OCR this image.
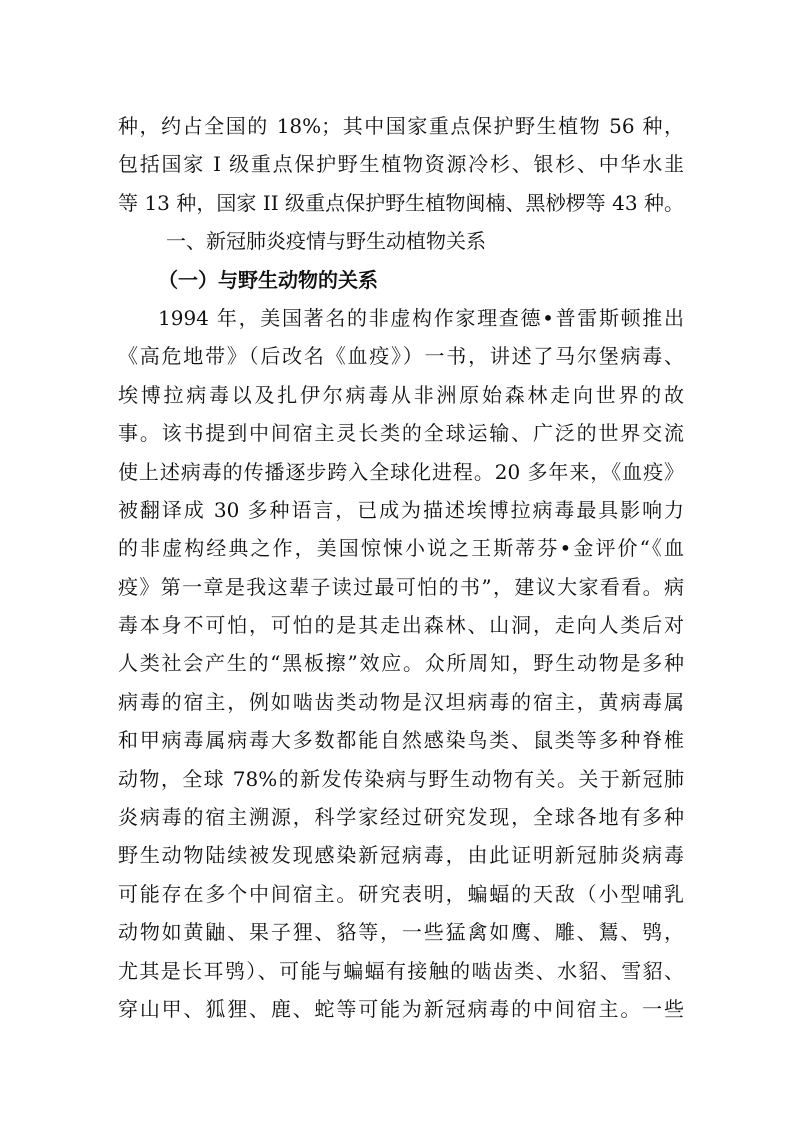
种，约占全国的 18%；其中国家重点保护野生植物 56 种，
包括国家 I 级重点保护野生植物资源冷杉、银杉、中华水韭
等 13 种，国家 II 级重点保护野生植物闽楠、黑桫椤等 43 种。
一、新冠肺炎疫情与野生动植物关系
（一）与野生动物的关系
1994 年，美国著名的非虚构作家理查德•普雷斯顿推出
《高危地带》（后改名《血疫》）一书，讲述了马尔堡病毒、
埃博拉病毒以及扎伊尔病毒从非洲原始森林走向世界的故
事。该书提到中间宿主灵长类的全球运输、广泛的世界交流
使上述病毒的传播逐步跨入全球化进程。20 多年来，《血疫》
被翻译成 30 多种语言，已成为描述埃博拉病毒最具影响力
的非虚构经典之作，美国惊悚小说之王斯蒂芬•金评价“《血
疫》第一章是我这辈子读过最可怕的书”，建议大家看看。病
毒本身不可怕，可怕的是其走出森林、山洞，走向人类后对
人类社会产生的“黑板擦”效应。众所周知，野生动物是多种
病毒的宿主，例如啮齿类动物是汉坦病毒的宿主，黄病毒属
和甲病毒属病毒大多数都能自然感染鸟类、鼠类等多种脊椎
动物，全球 78%的新发传染病与野生动物有关。关于新冠肺
炎病毒的宿主溯源，科学家经过研究发现，全球各地有多种
野生动物陆续被发现感染新冠病毒，由此证明新冠肺炎病毒
可能存在多个中间宿主。研究表明，蝙蝠的天敌（小型哺乳
动物如黄鼬、果子狸、貉等，一些猛禽如鹰、雕、鵟、鸮，
尤其是长耳鸮）、可能与蝙蝠有接触的啮齿类、水貂、雪貂、
穿山甲、狐狸、鹿、蛇等可能为新冠病毒的中间宿主。一些
